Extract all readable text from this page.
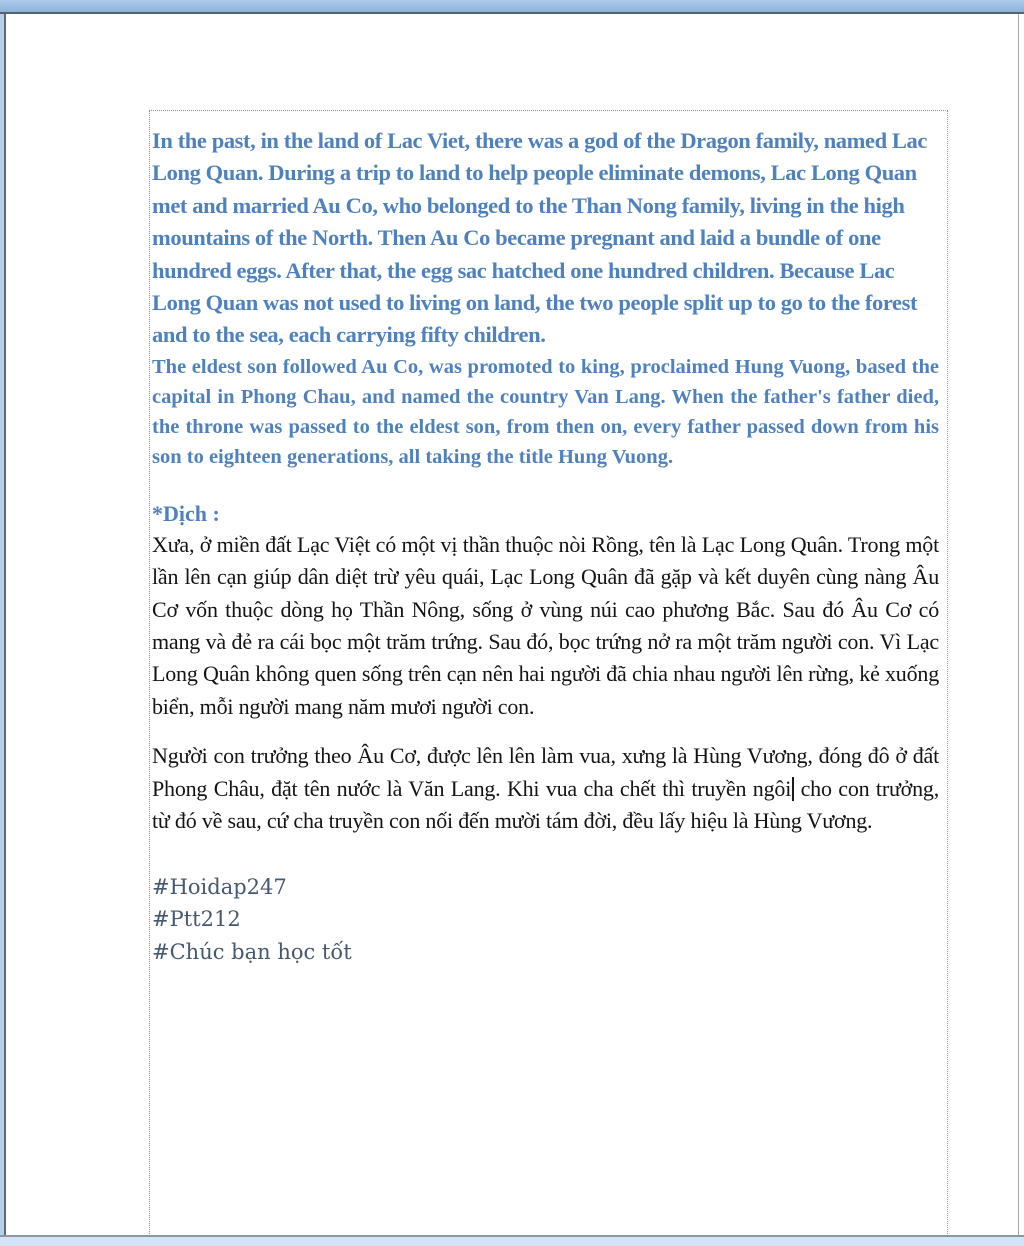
In the past, in the land of Lac Viet, there was a god of the Dragon family, named Lac Long Quan. During a trip to land to help people eliminate demons, Lac Long Quan met and married Au Co, who belonged to the Than Nong family, living in the high mountains of the North. Then Au Co became pregnant and laid a bundle of one hundred eggs. After that, the egg sac hatched one hundred children. Because Lac Long Quan was not used to living on land, the two people split up to go to the forest and to the sea, each carrying fifty children.

The eldest son followed Au Co, was promoted to king, proclaimed Hung Vuong, based the capital in Phong Chau, and named the country Van Lang. When the father's father died, the throne was passed to the eldest son, from then on, every father passed down from his son to eighteen generations, all taking the title Hung Vuong.

*Dịch :

Xưa, ở miền đất Lạc Việt có một vị thần thuộc nòi Rồng, tên là Lạc Long Quân. Trong một lần lên cạn giúp dân diệt trừ yêu quái, Lạc Long Quân đã gặp và kết duyên cùng nàng Âu Cơ vốn thuộc dòng họ Thần Nông, sống ở vùng núi cao phương Bắc. Sau đó Âu Cơ có mang và đẻ ra cái bọc một trăm trứng. Sau đó, bọc trứng nở ra một trăm người con. Vì Lạc Long Quân không quen sống trên cạn nên hai người đã chia nhau người lên rừng, kẻ xuống biển, mỗi người mang năm mươi người con.

Người con trưởng theo Âu Cơ, được lên lên làm vua, xưng là Hùng Vương, đóng đô ở đất Phong Châu, đặt tên nước là Văn Lang. Khi vua cha chết thì truyền ngôi cho con trưởng, từ đó về sau, cứ cha truyền con nối đến mười tám đời, đều lấy hiệu là Hùng Vương.

#Hoidap247
#Ptt212
#Chúc bạn học tốt
